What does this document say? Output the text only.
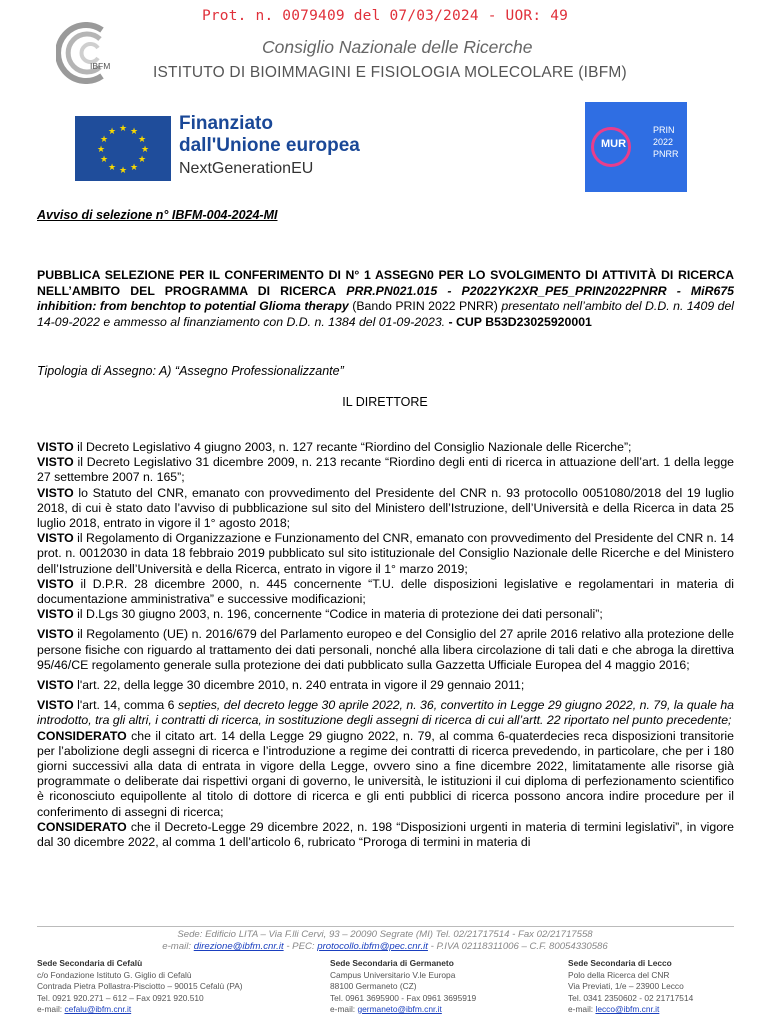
Prot. n. 0079409 del 07/03/2024 - UOR: 49
IBFM
Consiglio Nazionale delle Ricerche
ISTITUTO DI BIOIMMAGINI E FISIOLOGIA MOLECOLARE (IBFM)
★ ★
★
★
★
★
★
★
★
★
★
★	Finanziato
dall'Unione europea
NextGenerationEU
MUR
PRIN
2022
PNRR
Avviso di selezione n° IBFM-004-2024-MI
PUBBLICA SELEZIONE PER IL CONFERIMENTO DI N° 1 ASSEGN0 PER LO SVOLGIMENTO DI ATTIVITÀ DI RICERCA NELL’AMBITO DEL PROGRAMMA DI RICERCA PRR.PN021.015 - P2022YK2XR_PE5_PRIN2022PNRR - MiR675 inhibition: from benchtop to potential Glioma therapy (Bando PRIN 2022 PNRR) presentato nell’ambito del D.D. n. 1409 del 14-09-2022 e ammesso al finanziamento con D.D. n. 1384 del 01-09-2023. - CUP B53D23025920001
Tipologia di Assegno: A) “Assegno Professionalizzante”
IL DIRETTORE

VISTO il Decreto Legislativo 4 giugno 2003, n. 127 recante “Riordino del Consiglio Nazionale delle Ricerche”;

VISTO il Decreto Legislativo 31 dicembre 2009, n. 213 recante “Riordino degli enti di ricerca in attuazione dell’art. 1 della legge 27 settembre 2007 n. 165”;

VISTO lo Statuto del CNR, emanato con provvedimento del Presidente del CNR n. 93 protocollo 0051080/2018 del 19 luglio 2018, di cui è stato dato l’avviso di pubblicazione sul sito del Ministero dell’Istruzione, dell’Università e della Ricerca in data 25 luglio 2018, entrato in vigore il 1° agosto 2018;

VISTO il Regolamento di Organizzazione e Funzionamento del CNR, emanato con provvedimento del Presidente del CNR n. 14 prot. n. 0012030 in data 18 febbraio 2019 pubblicato sul sito istituzionale del Consiglio Nazionale delle Ricerche e del Ministero dell’Istruzione dell’Università e della Ricerca, entrato in vigore il 1° marzo 2019;

VISTO il D.P.R. 28 dicembre 2000, n. 445 concernente “T.U. delle disposizioni legislative e regolamentari in materia di documentazione amministrativa” e successive modificazioni;

VISTO il D.Lgs 30 giugno 2003, n. 196, concernente “Codice in materia di protezione dei dati personali”;

VISTO il Regolamento (UE) n. 2016/679 del Parlamento europeo e del Consiglio del 27 aprile 2016 relativo alla protezione delle persone fisiche con riguardo al trattamento dei dati personali, nonché alla libera circolazione di tali dati e che abroga la direttiva 95/46/CE regolamento generale sulla protezione dei dati pubblicato sulla Gazzetta Ufficiale Europea del 4 maggio 2016;

VISTO l'art. 22, della legge 30 dicembre 2010, n. 240 entrata in vigore il 29 gennaio 2011;

VISTO l'art. 14, comma 6 septies, del decreto legge 30 aprile 2022, n. 36, convertito in Legge 29 giugno 2022, n. 79, la quale ha introdotto, tra gli altri, i contratti di ricerca, in sostituzione degli assegni di ricerca di cui all’artt. 22 riportato nel punto precedente;

CONSIDERATO che il citato art. 14 della Legge 29 giugno 2022, n. 79, al comma 6-quaterdecies reca disposizioni transitorie per l’abolizione degli assegni di ricerca e l’introduzione a regime dei contratti di ricerca prevedendo, in particolare, che per i 180 giorni successivi alla data di entrata in vigore della Legge, ovvero sino a fine dicembre 2022, limitatamente alle risorse già programmate o deliberate dai rispettivi organi di governo, le università, le istituzioni il cui diploma di perfezionamento scientifico è riconosciuto equipollente al titolo di dottore di ricerca e gli enti pubblici di ricerca possono ancora indire procedure per il conferimento di assegni di ricerca;

CONSIDERATO che il Decreto-Legge 29 dicembre 2022, n. 198 “Disposizioni urgenti in materia di termini legislativi”, in vigore dal 30 dicembre 2022, al comma 1 dell’articolo 6, rubricato “Proroga di termini in materia di

Sede: Edificio LITA – Via F.lli Cervi, 93 – 20090 Segrate (MI) Tel. 02/21717514 - Fax 02/21717558
e-mail: direzione@ibfm.cnr.it - PEC: protocollo.ibfm@pec.cnr.it - P.IVA 02118311006 – C.F. 80054330586
Sede Secondaria di Cefalù
c/o Fondazione Istituto G. Giglio di Cefalù
Contrada Pietra Pollastra-Pisciotto – 90015 Cefalù (PA)
Tel. 0921 920.271 – 612 – Fax 0921 920.510
e-mail: cefalu@ibfm.cnr.it
Sede Secondaria di Germaneto
Campus Universitario V.le Europa
88100 Germaneto (CZ)
Tel. 0961 3695900 - Fax 0961 3695919
e-mail: germaneto@ibfm.cnr.it
Sede Secondaria di Lecco
Polo della Ricerca del CNR
Via Previati, 1/e – 23900 Lecco
Tel. 0341 2350602 - 02 21717514
e-mail: lecco@ibfm.cnr.it
